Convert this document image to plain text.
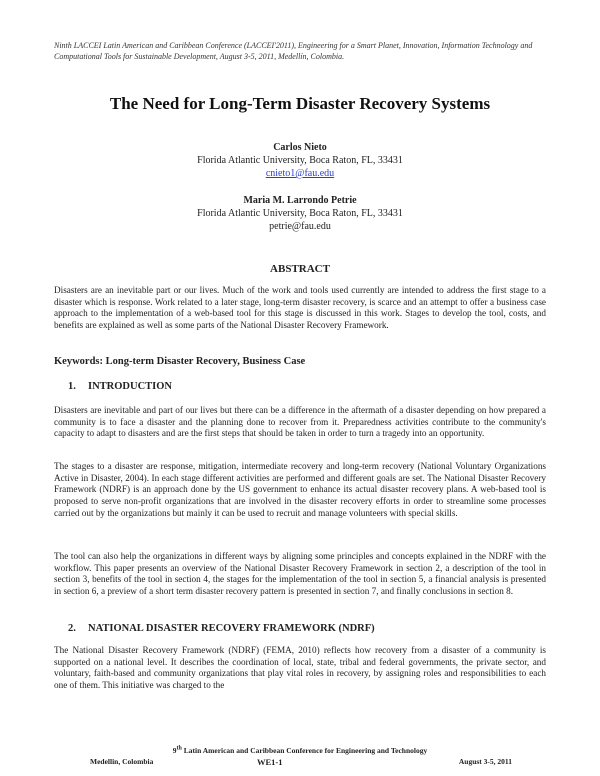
Ninth LACCEI Latin American and Caribbean Conference (LACCEI'2011), Engineering for a Smart Planet, Innovation, Information Technology and Computational Tools for Sustainable Development, August 3-5, 2011, Medellín, Colombia.
The Need for Long-Term Disaster Recovery Systems
Carlos Nieto
Florida Atlantic University, Boca Raton, FL, 33431
cnieto1@fau.edu
Maria M. Larrondo Petrie
Florida Atlantic University, Boca Raton, FL, 33431
petrie@fau.edu
ABSTRACT

Disasters are an inevitable part or our lives. Much of the work and tools used currently are intended to address the first stage to a disaster which is response. Work related to a later stage, long-term disaster recovery, is scarce and an attempt to offer a business case approach to the implementation of a web-based tool for this stage is discussed in this work. Stages to develop the tool, costs, and benefits are explained as well as some parts of the National Disaster Recovery Framework.

Keywords: Long-term Disaster Recovery, Business Case
1. INTRODUCTION

Disasters are inevitable and part of our lives but there can be a difference in the aftermath of a disaster depending on how prepared a community is to face a disaster and the planning done to recover from it. Preparedness activities contribute to the community's capacity to adapt to disasters and are the first steps that should be taken in order to turn a tragedy into an opportunity.

The stages to a disaster are response, mitigation, intermediate recovery and long-term recovery (National Voluntary Organizations Active in Disaster, 2004). In each stage different activities are performed and different goals are set. The National Disaster Recovery Framework (NDRF) is an approach done by the US government to enhance its actual disaster recovery plans. A web-based tool is proposed to serve non-profit organizations that are involved in the disaster recovery efforts in order to streamline some processes carried out by the organizations but mainly it can be used to recruit and manage volunteers with special skills.

The tool can also help the organizations in different ways by aligning some principles and concepts explained in the NDRF with the workflow. This paper presents an overview of the National Disaster Recovery Framework in section 2, a description of the tool in section 3, benefits of the tool in section 4, the stages for the implementation of the tool in section 5, a financial analysis is presented in section 6, a preview of a short term disaster recovery pattern is presented in section 7, and finally conclusions in section 8.

2. NATIONAL DISASTER RECOVERY FRAMEWORK (NDRF)

The National Disaster Recovery Framework (NDRF) (FEMA, 2010) reflects how recovery from a disaster of a community is supported on a national level. It describes the coordination of local, state, tribal and federal governments, the private sector, and voluntary, faith-based and community organizations that play vital roles in recovery, by assigning roles and responsibilities to each one of them. This initiative was charged to the

9th Latin American and Caribbean Conference for Engineering and Technology
Medellin, Colombia	WE1-1	August 3-5, 2011
